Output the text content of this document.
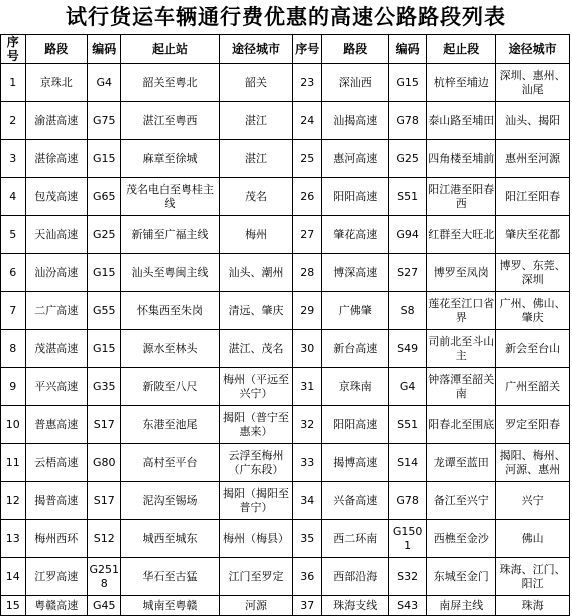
试行货运车辆通行费优惠的高速公路路段列表
序号	路段	编码	起止站	途径城市	序号	路段	编码	起止段	途径城市
1	京珠北	G4	韶关至粤北	韶关	23	深汕西	G15	杭梓至埔边	深圳、惠州、汕尾
2	渝湛高速	G75	湛江至粤西	湛江	24	汕揭高速	G78	泰山路至埔田	汕头、揭阳
3	湛徐高速	G15	麻章至徐城	湛江	25	惠河高速	G25	四角楼至埔前	惠州至河源
4	包茂高速	G65	茂名电白至粤桂主线	茂名	26	阳阳高速	S51	阳江港至阳春西	阳江至阳春
5	天汕高速	G25	新铺至广福主线	梅州	27	肇花高速	G94	红群至大旺北	肇庆至花都
6	汕汾高速	G15	汕头至粤闽主线	汕头、潮州	28	博深高速	S27	博罗至凤岗	博罗、东莞、深圳
7	二广高速	G55	怀集西至朱岗	清远、肇庆	29	广佛肇	S8	莲花至江口省界	广州、佛山、肇庆
8	茂湛高速	G15	源水至林头	湛江、茂名	30	新台高速	S49	司前北至斗山主	新会至台山
9	平兴高速	G35	新陂至八尺	梅州（平远至兴宁）	31	京珠南	G4	钟落潭至韶关南	广州至韶关
10	普惠高速	S17	东港至池尾	揭阳（普宁至惠来）	32	阳阳高速	S51	阳春北至围底	罗定至阳春
11	云梧高速	G80	高村至平台	云浮至梅州（广东段）	33	揭博高速	S14	龙谭至蓝田	揭阳、梅州、河源、惠州
12	揭普高速	S17	泥沟至锡场	揭阳（揭阳至普宁）	34	兴备高速	G78	备江至兴宁	兴宁
13	梅州西环	S12	城西至城东	梅州（梅县）	35	西二环南	G1501	西樵至金沙	佛山
14	江罗高速	G2518	华石至古猛	江门至罗定	36	西部沿海	S32	东城至金门	珠海、江门、阳江
15	粤赣高速	G45	城南至粤赣	河源	37	珠海支线	S43	南屏主线	珠海
